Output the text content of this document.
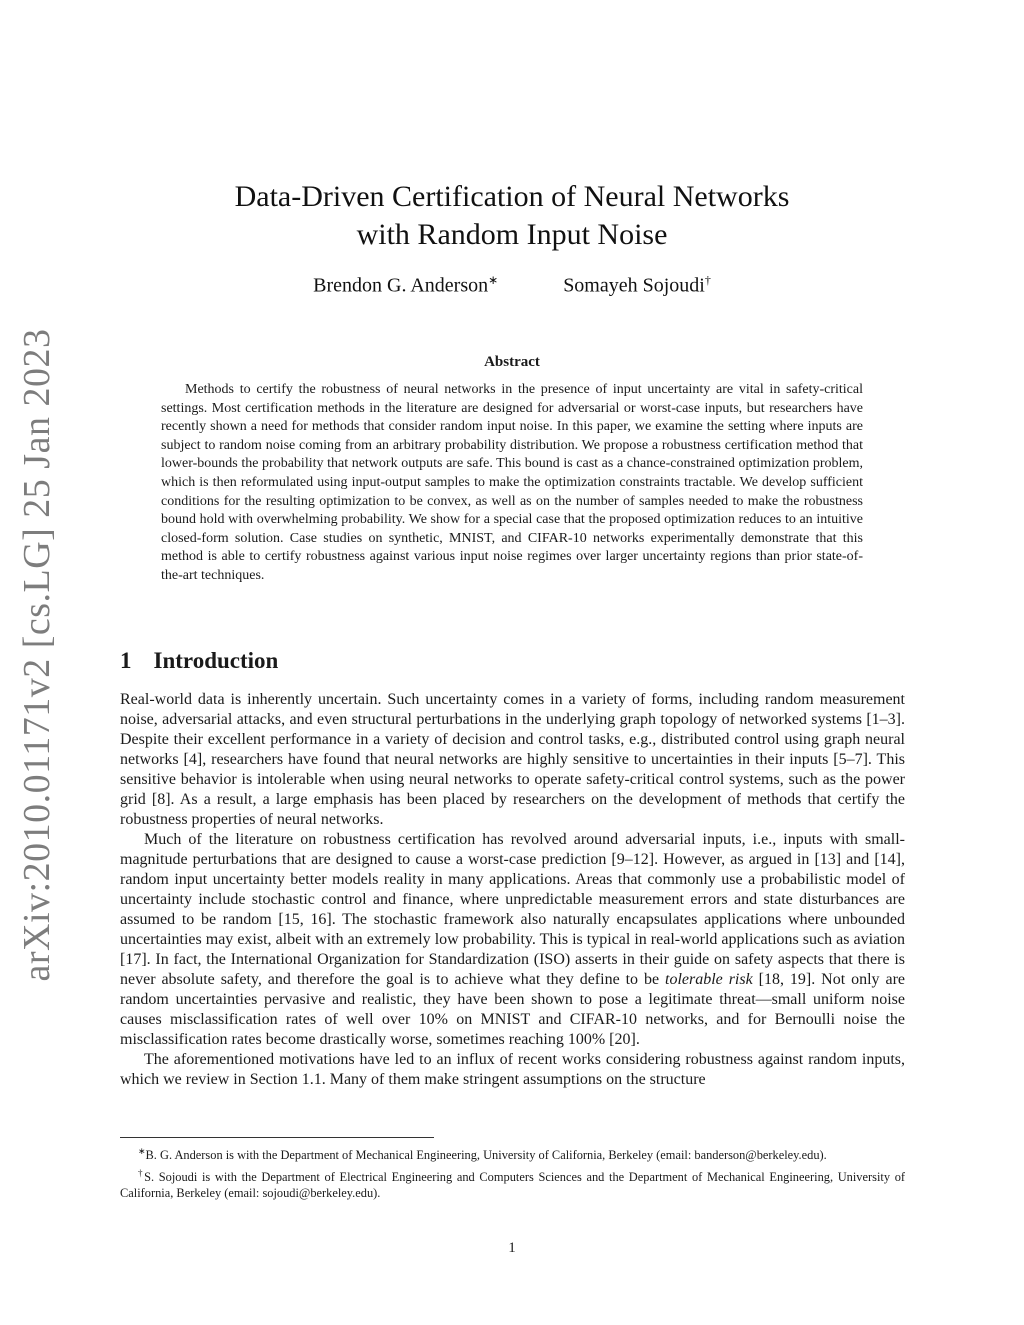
arXiv:2010.01171v2 [cs.LG] 25 Jan 2023
Data-Driven Certification of Neural Networks
with Random Input Noise
Brendon G. Anderson∗	Somayeh Sojoudi†
Abstract
Methods to certify the robustness of neural networks in the presence of input uncertainty are vital in safety-critical settings. Most certification methods in the literature are designed for adversarial or worst-case inputs, but researchers have recently shown a need for methods that consider random input noise. In this paper, we examine the setting where inputs are subject to random noise coming from an arbitrary probability distribution. We propose a robustness certification method that lower-bounds the probability that network outputs are safe. This bound is cast as a chance-constrained optimization problem, which is then reformulated using input-output samples to make the optimization constraints tractable. We develop sufficient conditions for the resulting optimization to be convex, as well as on the number of samples needed to make the robustness bound hold with overwhelming probability. We show for a special case that the proposed optimization reduces to an intuitive closed-form solution. Case studies on synthetic, MNIST, and CIFAR-10 networks experimentally demonstrate that this method is able to certify robustness against various input noise regimes over larger uncertainty regions than prior state-of-the-art techniques.
1 Introduction

Real-world data is inherently uncertain. Such uncertainty comes in a variety of forms, including random measurement noise, adversarial attacks, and even structural perturbations in the underlying graph topology of networked systems [1–3]. Despite their excellent performance in a variety of decision and control tasks, e.g., distributed control using graph neural networks [4], researchers have found that neural networks are highly sensitive to uncertainties in their inputs [5–7]. This sensitive behavior is intolerable when using neural networks to operate safety-critical control systems, such as the power grid [8]. As a result, a large emphasis has been placed by researchers on the development of methods that certify the robustness properties of neural networks.

Much of the literature on robustness certification has revolved around adversarial inputs, i.e., inputs with small-magnitude perturbations that are designed to cause a worst-case prediction [9–12]. However, as argued in [13] and [14], random input uncertainty better models reality in many applications. Areas that commonly use a probabilistic model of uncertainty include stochastic control and finance, where unpredictable measurement errors and state disturbances are assumed to be random [15, 16]. The stochastic framework also naturally encapsulates applications where unbounded uncertainties may exist, albeit with an extremely low probability. This is typical in real-world applications such as aviation [17]. In fact, the International Organization for Standardization (ISO) asserts in their guide on safety aspects that there is never absolute safety, and therefore the goal is to achieve what they define to be tolerable risk [18, 19]. Not only are random uncertainties pervasive and realistic, they have been shown to pose a legitimate threat—small uniform noise causes misclassification rates of well over 10% on MNIST and CIFAR-10 networks, and for Bernoulli noise the misclassification rates become drastically worse, sometimes reaching 100% [20].

The aforementioned motivations have led to an influx of recent works considering robustness against random inputs, which we review in Section 1.1. Many of them make stringent assumptions on the structure

∗B. G. Anderson is with the Department of Mechanical Engineering, University of California, Berkeley (email: banderson@berkeley.edu).

†S. Sojoudi is with the Department of Electrical Engineering and Computers Sciences and the Department of Mechanical Engineering, University of California, Berkeley (email: sojoudi@berkeley.edu).

1
